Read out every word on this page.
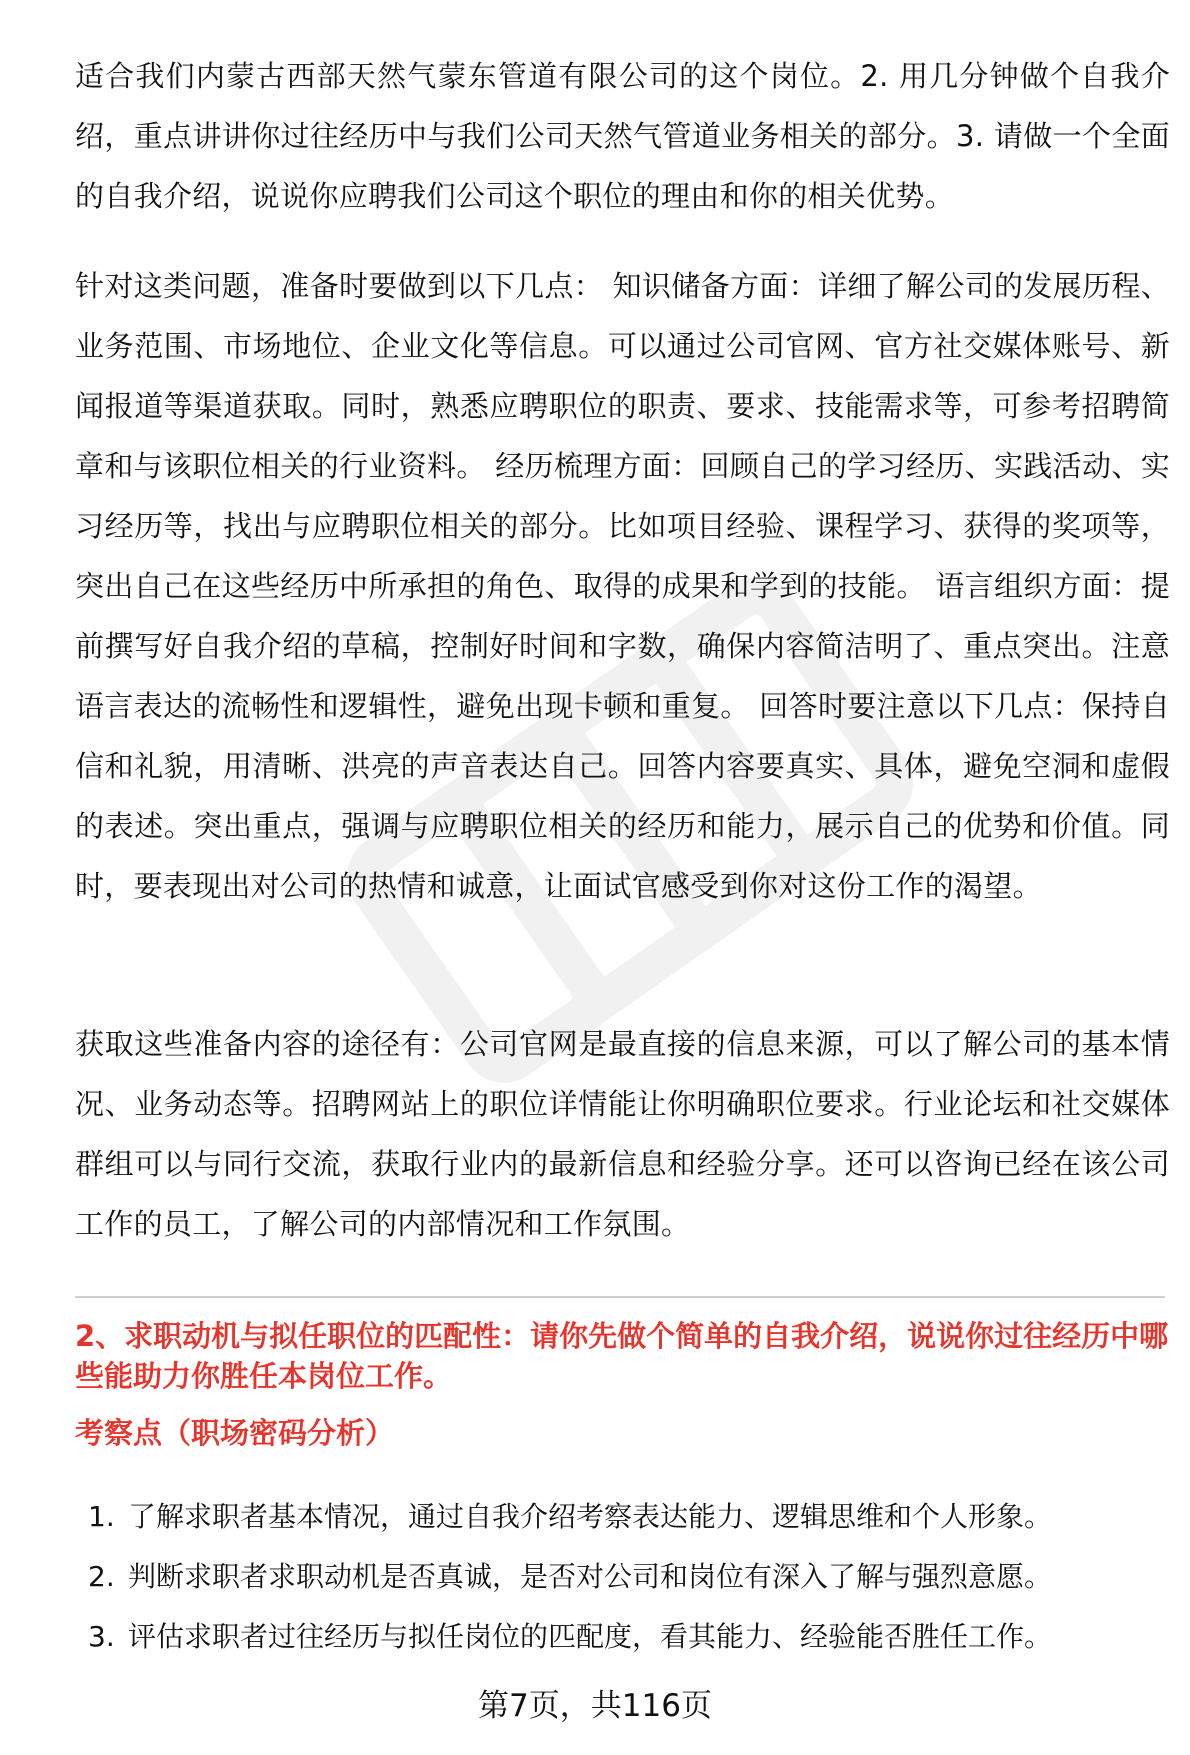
适合我们内蒙古西部天然气蒙东管道有限公司的这个岗位。2. 用几分钟做个自我介绍，重点讲讲你过往经历中与我们公司天然气管道业务相关的部分。3. 请做一个全面的自我介绍，说说你应聘我们公司这个职位的理由和你的相关优势。

针对这类问题，准备时要做到以下几点： 知识储备方面：详细了解公司的发展历程、业务范围、市场地位、企业文化等信息。可以通过公司官网、官方社交媒体账号、新闻报道等渠道获取。同时，熟悉应聘职位的职责、要求、技能需求等，可参考招聘简章和与该职位相关的行业资料。 经历梳理方面：回顾自己的学习经历、实践活动、实习经历等，找出与应聘职位相关的部分。比如项目经验、课程学习、获得的奖项等，突出自己在这些经历中所承担的角色、取得的成果和学到的技能。 语言组织方面：提前撰写好自我介绍的草稿，控制好时间和字数，确保内容简洁明了、重点突出。注意语言表达的流畅性和逻辑性，避免出现卡顿和重复。 回答时要注意以下几点：保持自信和礼貌，用清晰、洪亮的声音表达自己。回答内容要真实、具体，避免空洞和虚假的表述。突出重点，强调与应聘职位相关的经历和能力，展示自己的优势和价值。同时，要表现出对公司的热情和诚意，让面试官感受到你对这份工作的渴望。

获取这些准备内容的途径有：公司官网是最直接的信息来源，可以了解公司的基本情况、业务动态等。招聘网站上的职位详情能让你明确职位要求。行业论坛和社交媒体群组可以与同行交流，获取行业内的最新信息和经验分享。还可以咨询已经在该公司工作的员工，了解公司的内部情况和工作氛围。

2、求职动机与拟任职位的匹配性：请你先做个简单的自我介绍，说说你过往经历中哪些能助力你胜任本岗位工作。

考察点（职场密码分析）

1. 了解求职者基本情况，通过自我介绍考察表达能力、逻辑思维和个人形象。
2. 判断求职者求职动机是否真诚，是否对公司和岗位有深入了解与强烈意愿。
3. 评估求职者过往经历与拟任岗位的匹配度，看其能力、经验能否胜任工作。
第7页，共116页
